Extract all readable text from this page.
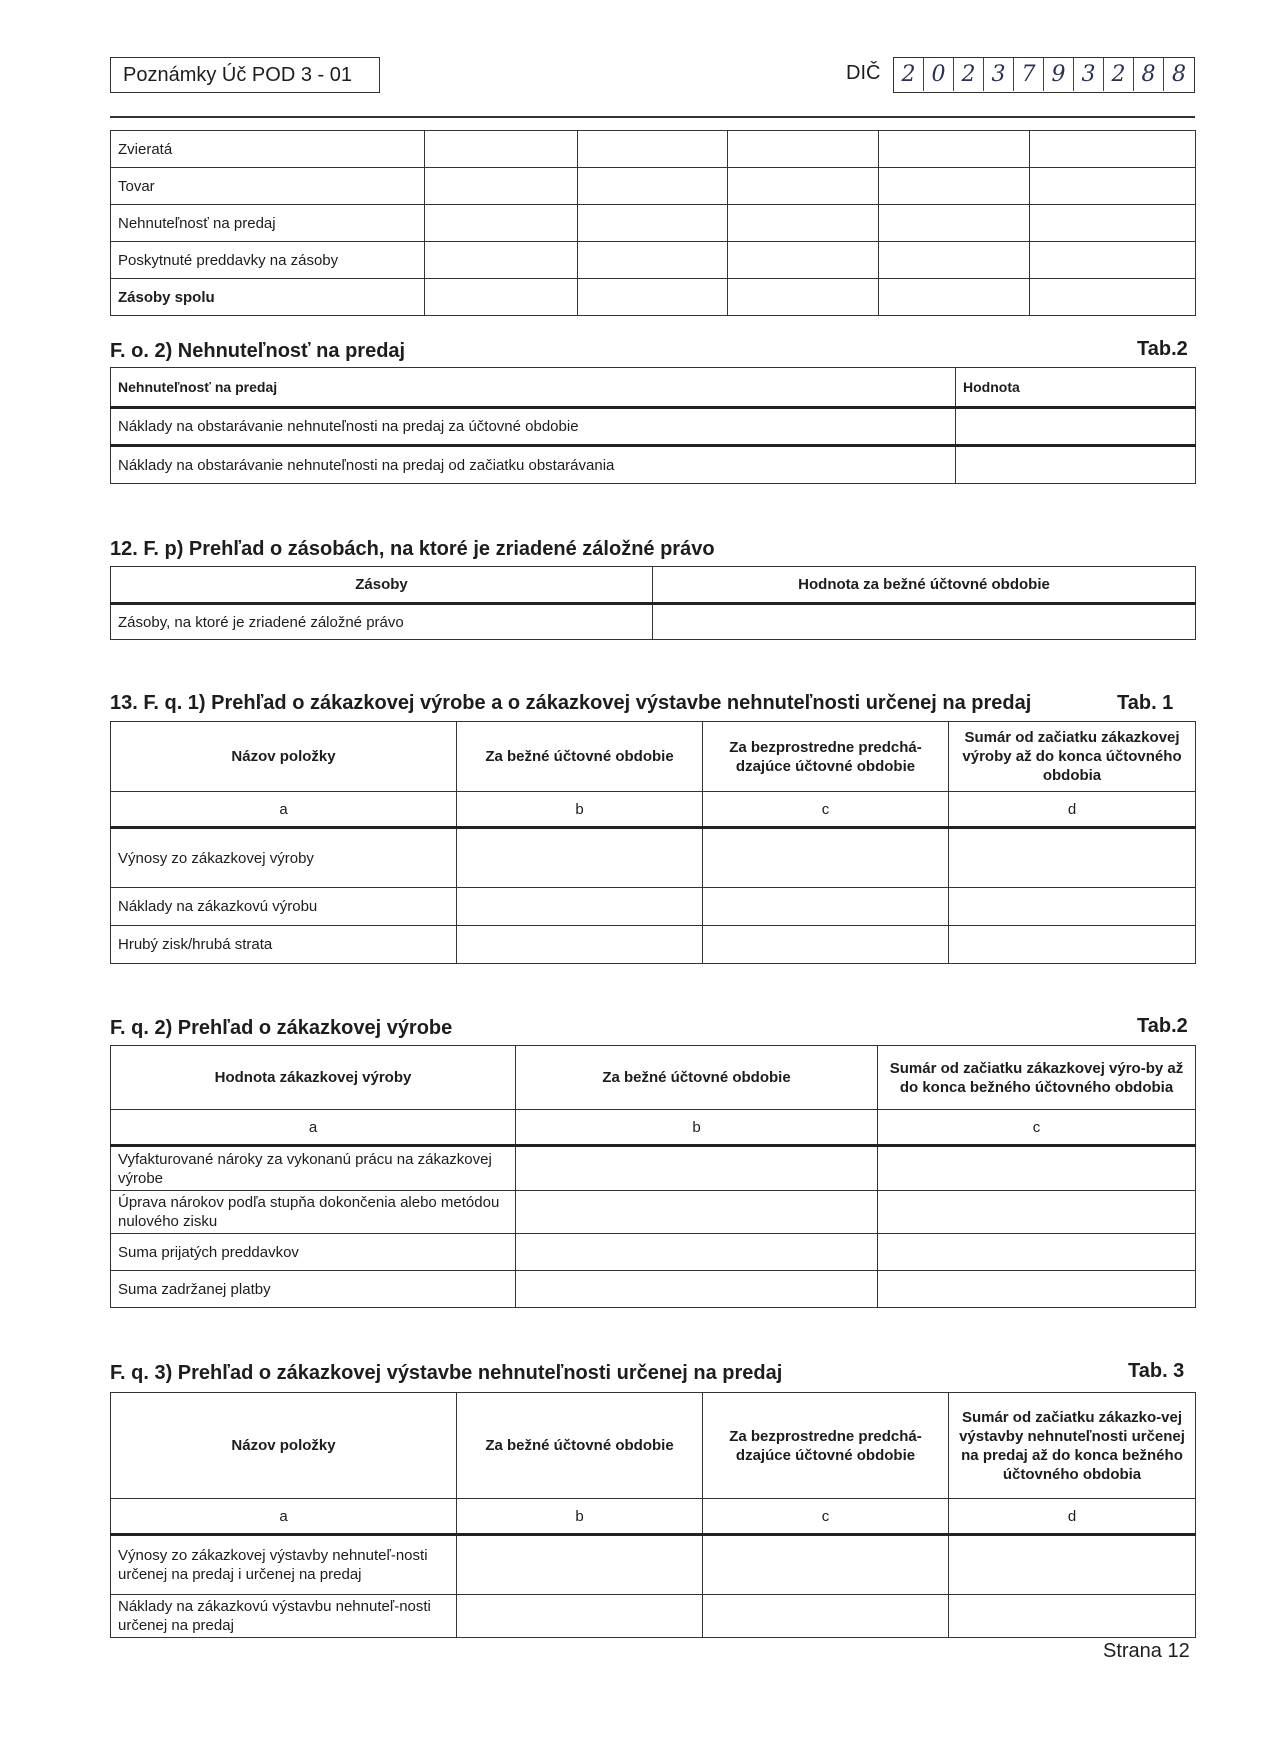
Poznámky Úč POD 3 - 01	DIČ 2 0 2 3 7 9 3 2 8 8
Zvieratá					
Tovar					
Nehnuteľnosť na predaj					
Poskytnuté preddavky na zásoby					
Zásoby spolu					
F. o. 2) Nehnuteľnosť na predaj	Tab.2
Nehnuteľnosť na predaj	Hodnota
Náklady na obstarávanie nehnuteľnosti na predaj za účtovné obdobie	
Náklady na obstarávanie nehnuteľnosti na predaj od začiatku obstarávania	
12. F. p) Prehľad o zásobách, na ktoré je zriadené záložné právo
Zásoby	Hodnota za bežné účtovné obdobie
Zásoby, na ktoré je zriadené záložné právo	
13. F. q. 1) Prehľad o zákazkovej výrobe a o zákazkovej výstavbe nehnuteľnosti určenej na predaj	Tab. 1
Názov položky	Za bežné účtovné obdobie	Za bezprostredne predchá-dzajúce účtovné obdobie	Sumár od začiatku zákazkovej výroby až do konca účtovného obdobia
a	b	c	d
Výnosy zo zákazkovej výroby			
Náklady na zákazkovú výrobu			
Hrubý zisk/hrubá strata			
F. q. 2) Prehľad o zákazkovej výrobe	Tab.2
Hodnota zákazkovej výroby	Za bežné účtovné obdobie	Sumár od začiatku zákazkovej výro-by až do konca bežného účtovného obdobia
a	b	c
Vyfakturované nároky za vykonanú prácu na zákazkovej výrobe		
Úprava nárokov podľa stupňa dokončenia alebo metódou nulového zisku		
Suma prijatých preddavkov		
Suma zadržanej platby		
F. q. 3) Prehľad o zákazkovej výstavbe nehnuteľnosti určenej na predaj	Tab. 3
Názov položky	Za bežné účtovné obdobie	Za bezprostredne predchá-dzajúce účtovné obdobie	Sumár od začiatku zákazko-vej výstavby nehnuteľnosti určenej na predaj až do konca bežného účtovného obdobia
a	b	c	d
Výnosy zo zákazkovej výstavby nehnuteľ-nosti určenej na predaj i určenej na predaj			
Náklady na zákazkovú výstavbu nehnuteľ-nosti určenej na predaj			
Strana 12
